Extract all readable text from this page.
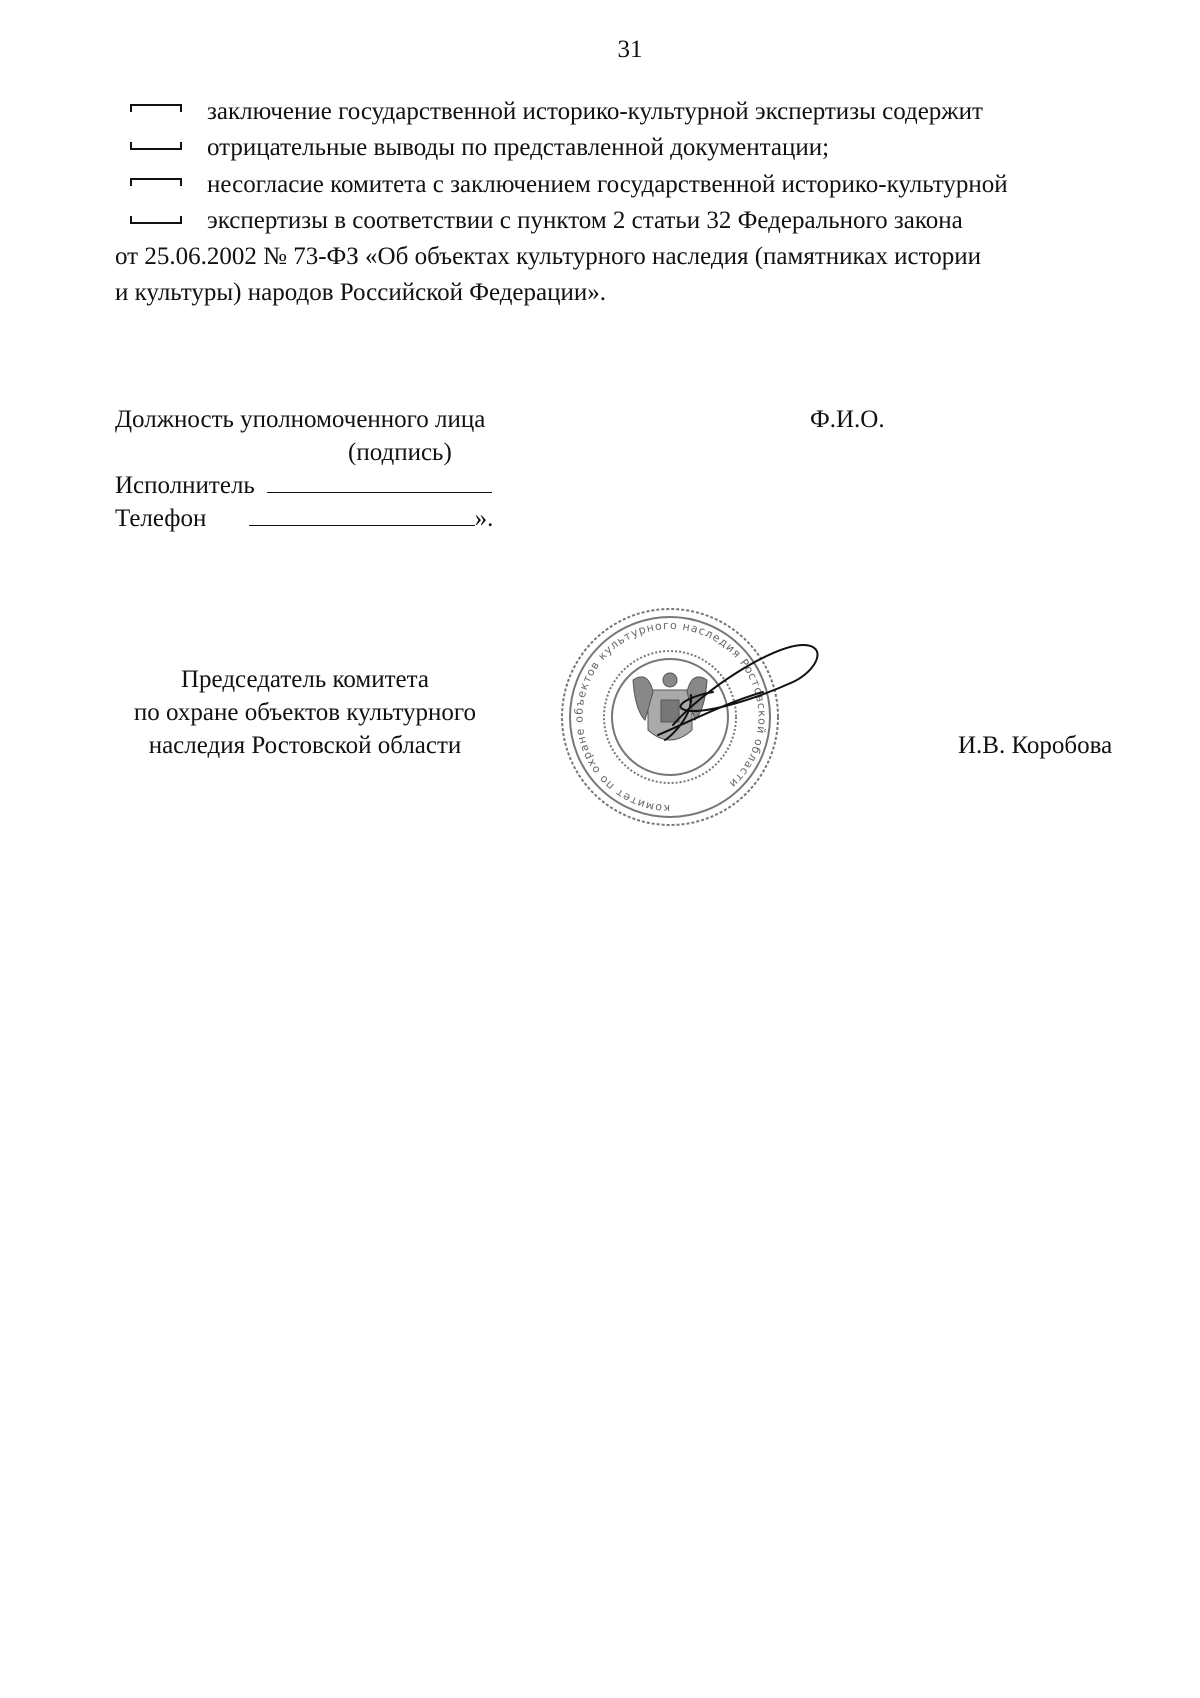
31
заключение государственной историко-культурной экспертизы содержит
отрицательные выводы по представленной документации;
несогласие комитета с заключением государственной историко-культурной
экспертизы в соответствии с пунктом 2 статьи 32 Федерального закона
от 25.06.2002 № 73-ФЗ «Об объектах культурного наследия (памятниках истории
и культуры) народов Российской Федерации».
Должность уполномоченного лица	Ф.И.О.
(подпись)
Исполнитель
Телефон	».
Председатель комитета
по охране объектов культурного
наследия Ростовской области	И.В. Коробова
комитет по охране объектов культурного наследия Ростовской области
